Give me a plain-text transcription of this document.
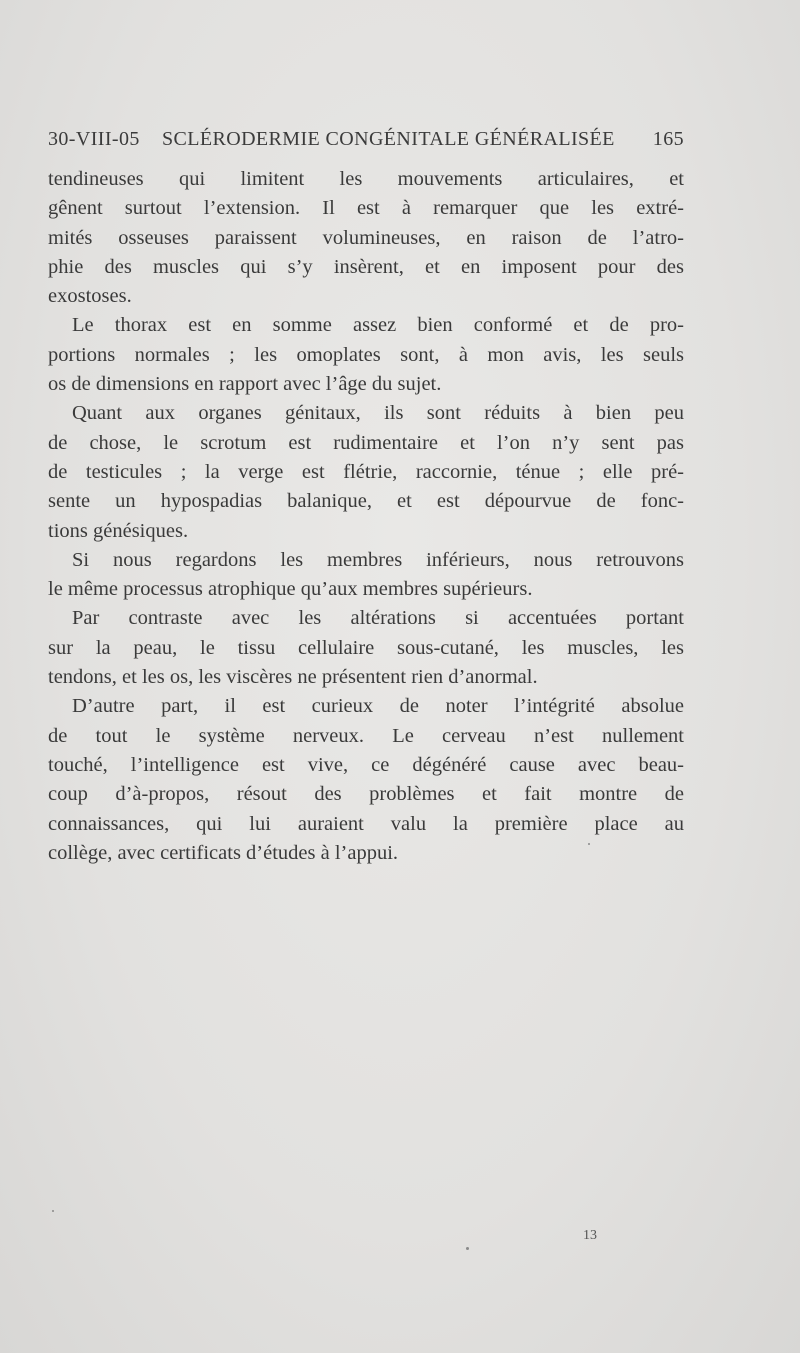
30-VIII-05 SCLÉRODERMIE CONGÉNITALE GÉNÉRALISÉE 165
tendineuses qui limitent les mouvements articulaires, et
gênent surtout l’extension. Il est à remarquer que les extré-
mités osseuses paraissent volumineuses, en raison de l’atro-
phie des muscles qui s’y insèrent, et en imposent pour des
exostoses.
Le thorax est en somme assez bien conformé et de pro-
portions normales ; les omoplates sont, à mon avis, les seuls
os de dimensions en rapport avec l’âge du sujet.
Quant aux organes génitaux, ils sont réduits à bien peu
de chose, le scrotum est rudimentaire et l’on n’y sent pas
de testicules ; la verge est flétrie, raccornie, ténue ; elle pré-
sente un hypospadias balanique, et est dépourvue de fonc-
tions génésiques.
Si nous regardons les membres inférieurs, nous retrouvons
le même processus atrophique qu’aux membres supérieurs.
Par contraste avec les altérations si accentuées portant
sur la peau, le tissu cellulaire sous-cutané, les muscles, les
tendons, et les os, les viscères ne présentent rien d’anormal.
D’autre part, il est curieux de noter l’intégrité absolue
de tout le système nerveux. Le cerveau n’est nullement
touché, l’intelligence est vive, ce dégénéré cause avec beau-
coup d’à-propos, résout des problèmes et fait montre de
connaissances, qui lui auraient valu la première place au
collège, avec certificats d’études à l’appui.
13
